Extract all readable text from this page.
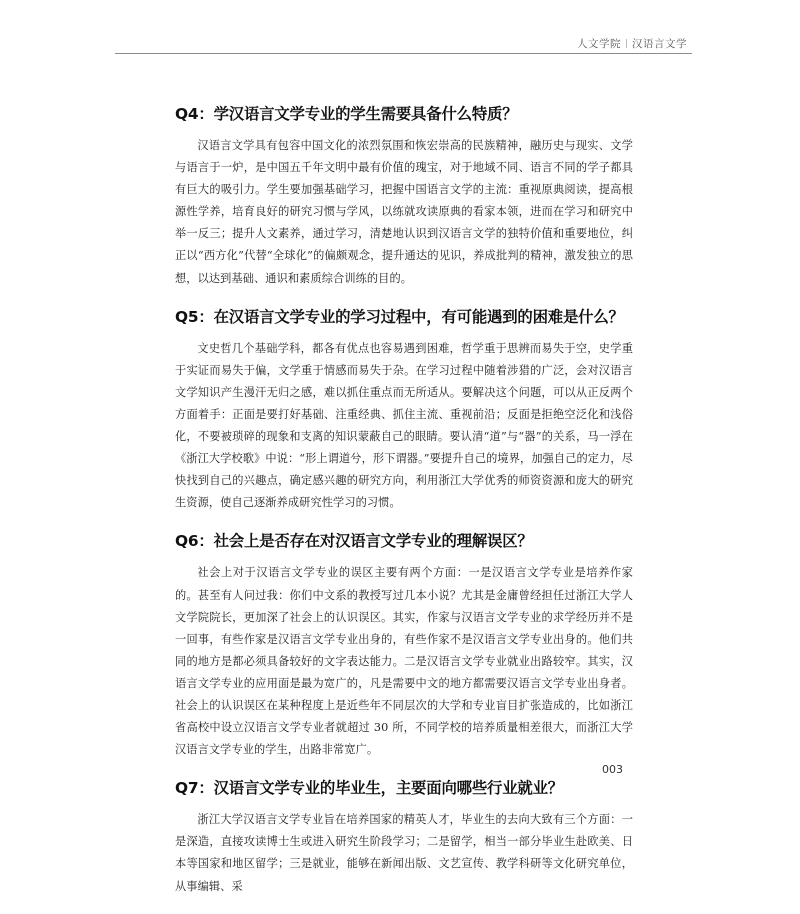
人文学院 汉语言文学
Q4：学汉语言文学专业的学生需要具备什么特质？

汉语言文学具有包容中国文化的浓烈氛围和恢宏崇高的民族精神，融历史与现实、文学与语言于一炉，是中国五千年文明中最有价值的瑰宝，对于地域不同、语言不同的学子都具有巨大的吸引力。学生要加强基础学习，把握中国语言文学的主流：重视原典阅读，提高根源性学养，培育良好的研究习惯与学风，以练就攻读原典的看家本领，进而在学习和研究中举一反三；提升人文素养，通过学习，清楚地认识到汉语言文学的独特价值和重要地位，纠正以“西方化”代替“全球化”的偏颇观念，提升通达的见识，养成批判的精神，激发独立的思想，以达到基础、通识和素质综合训练的目的。

Q5：在汉语言文学专业的学习过程中，有可能遇到的困难是什么？

文史哲几个基础学科，都各有优点也容易遇到困难，哲学重于思辨而易失于空，史学重于实证而易失于偏，文学重于情感而易失于杂。在学习过程中随着涉猎的广泛，会对汉语言文学知识产生漫汗无归之感，难以抓住重点而无所适从。要解决这个问题，可以从正反两个方面着手：正面是要打好基础、注重经典、抓住主流、重视前沿；反面是拒绝空泛化和浅俗化，不要被琐碎的现象和支离的知识蒙蔽自己的眼睛。要认清“道”与“器”的关系，马一浮在《浙江大学校歌》中说：“形上谓道兮，形下谓器。”要提升自己的境界，加强自己的定力，尽快找到自己的兴趣点，确定感兴趣的研究方向，利用浙江大学优秀的师资资源和庞大的研究生资源，使自己逐渐养成研究性学习的习惯。

Q6：社会上是否存在对汉语言文学专业的理解误区？

社会上对于汉语言文学专业的误区主要有两个方面：一是汉语言文学专业是培养作家的。甚至有人问过我：你们中文系的教授写过几本小说？尤其是金庸曾经担任过浙江大学人文学院院长，更加深了社会上的认识误区。其实，作家与汉语言文学专业的求学经历并不是一回事，有些作家是汉语言文学专业出身的，有些作家不是汉语言文学专业出身的。他们共同的地方是都必须具备较好的文字表达能力。二是汉语言文学专业就业出路较窄。其实，汉语言文学专业的应用面是最为宽广的，凡是需要中文的地方都需要汉语言文学专业出身者。社会上的认识误区在某种程度上是近些年不同层次的大学和专业盲目扩张造成的，比如浙江省高校中设立汉语言文学专业者就超过 30 所，不同学校的培养质量相差很大，而浙江大学汉语言文学专业的学生，出路非常宽广。

Q7：汉语言文学专业的毕业生，主要面向哪些行业就业？

浙江大学汉语言文学专业旨在培养国家的精英人才，毕业生的去向大致有三个方面：一是深造，直接攻读博士生或进入研究生阶段学习；二是留学，相当一部分毕业生赴欧美、日本等国家和地区留学；三是就业，能够在新闻出版、文艺宣传、教学科研等文化研究单位，从事编辑、采

003
